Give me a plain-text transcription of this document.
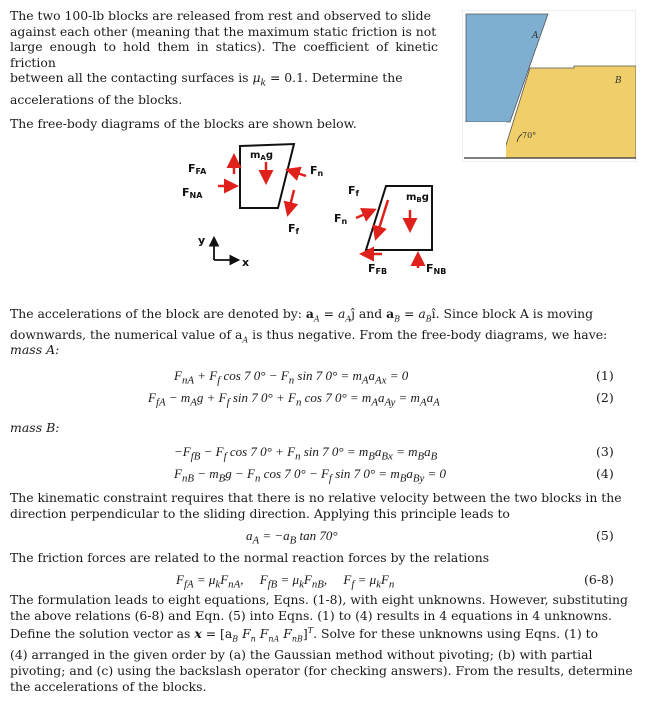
The two 100-lb blocks are released from rest and observed to slide
against each other (meaning that the maximum static friction is not
large enough to hold them in statics). The coefficient of kinetic friction
between all the contacting surfaces is $\mu_k = 0.1$. Determine the
accelerations of the blocks.
A
B
70°
The free-body diagrams of the blocks are shown below.
FFA
$m_Ag$
FNA
Fn
Ff
y
x
Ff
Fn
$m_Bg$
FFB	FNB
The accelerations of the block are denoted by: $a_A$ = $a_Aĵ$ and $a_B$ = $a_Bî$. Since block A is moving
downwards, the numerical value of $a_A$ is thus negative. From the free-body diagrams, we have:
mass A:
$F_{nA} + F_f$ cos 7 $0^\circ - F_n$ sin 7 $0^\circ = m_Aa_{Ax} = 0$	(1)
$F_{fA} - m_Ag + F_f$ sin 7 $0^\circ + F_n$ cos 7 $0^\circ = m_Aa_{Ay} = m_Aa_A$	(2)
mass B:
$-F_{fB} - F_f$ cos 7 $0^\circ + F_n$ sin 7 $0^\circ = m_Ba_{Bx} = m_Ba_B$	(3)
$F_{nB} - m_Bg - F_n$ cos 7 $0^\circ - F_f$ sin 7 $0^\circ = m_Ba_{By} = 0$	(4)
The kinematic constraint requires that there is no relative velocity between the two blocks in the
direction perpendicular to the sliding direction. Applying this principle leads to
$a_A = -a_B$ tan 70°	(5)
The friction forces are related to the normal reaction forces by the relations
$F_{fA} = \mu_kF_{nA}$,     $F_{fB} = \mu_kF_{nB}$,     $F_f = \mu_kF_n$	(6-8)
The formulation leads to eight equations, Eqns. (1-8), with eight unknowns. However, substituting
the above relations (6-8) and Eqn. (5) into Eqns. (1) to (4) results in 4 equations in 4 unknowns.
Define the solution vector as $x = [a_B$ $F_n$ $F_{nA}$ $F_{nB}]^T$. Solve for these unknowns using Eqns. (1) to
(4) arranged in the given order by (a) the Gaussian method without pivoting; (b) with partial
pivoting; and (c) using the backslash operator (for checking answers). From the results, determine
the accelerations of the blocks.
